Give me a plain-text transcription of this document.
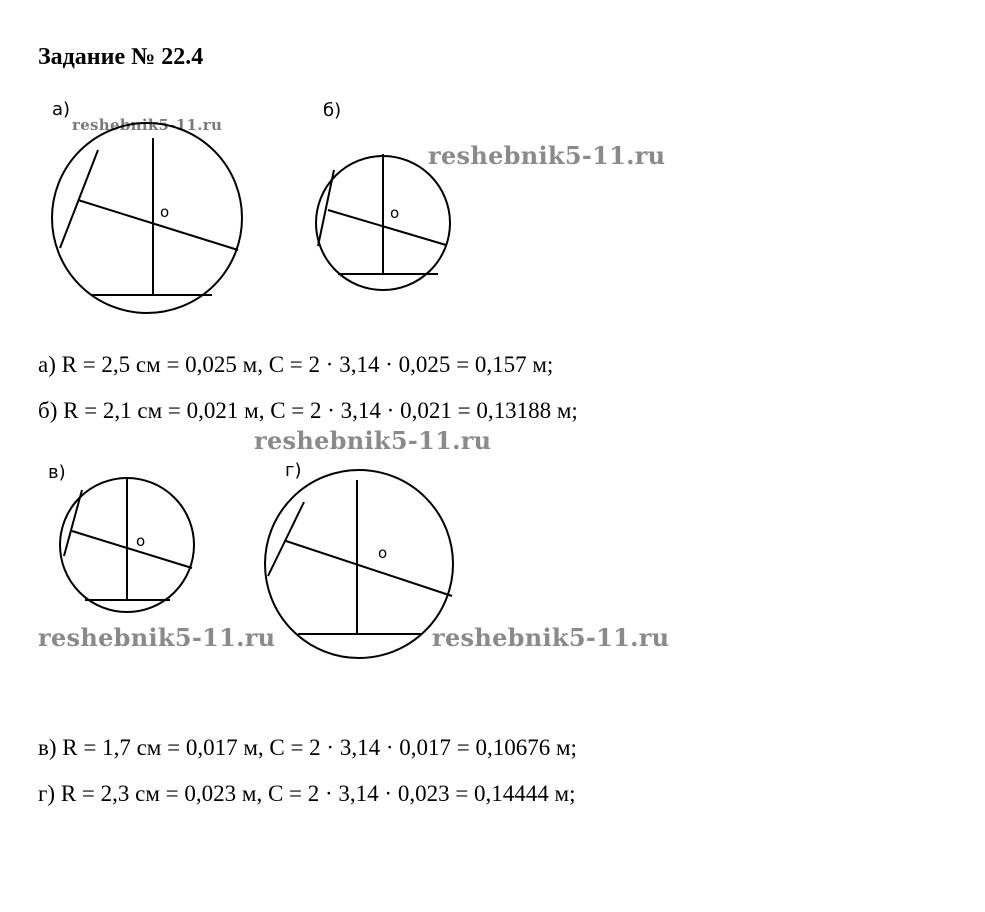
Задание № 22.4
а)
reshebnik5-11.ru
о
б)
reshebnik5-11.ru
о
а) R = 2,5 см = 0,025 м, С = 2 · 3,14 · 0,025 = 0,157 м;
б) R = 2,1 см = 0,021 м, С = 2 · 3,14 · 0,021 = 0,13188 м;
reshebnik5-11.ru
в)
о
г)
о
reshebnik5-11.ru	reshebnik5-11.ru
в) R = 1,7 см = 0,017 м, С = 2 · 3,14 · 0,017 = 0,10676 м;
г) R = 2,3 см = 0,023 м, С = 2 · 3,14 · 0,023 = 0,14444 м;
